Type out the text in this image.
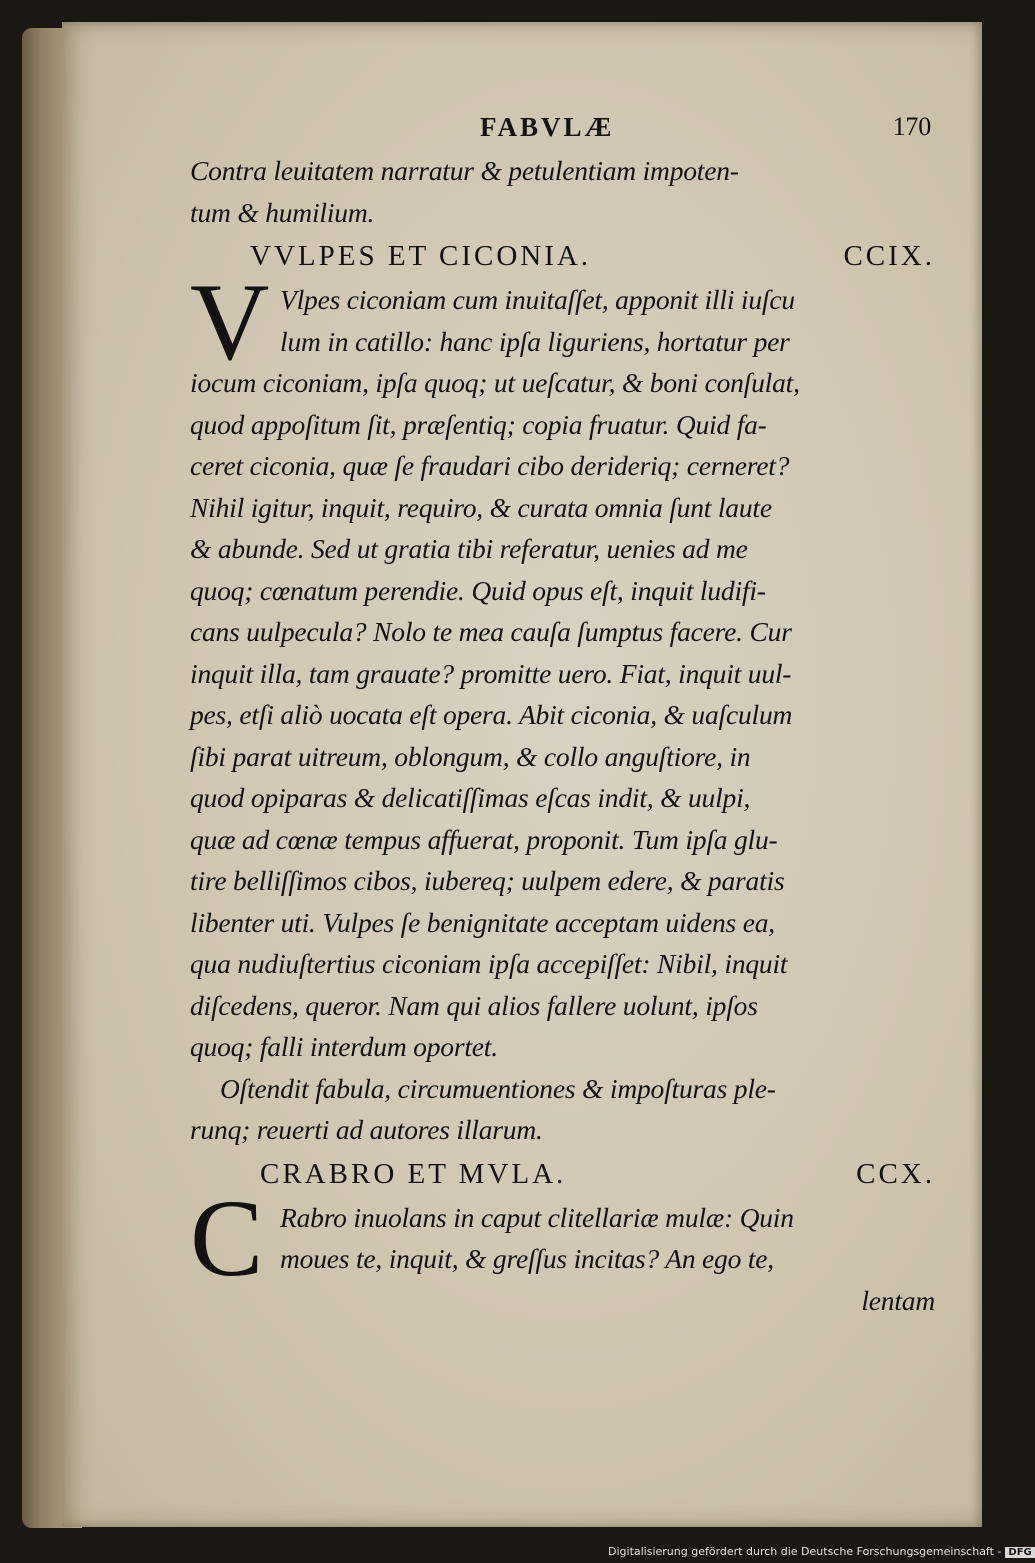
FABVLÆ	170
Contra leuitatem narratur & petulentiam impoten-
tum & humilium.
VVLPES ET CICONIA.	CCIX.
V Vlpes ciconiam cum inuitaſſet, apponit illi iuſcu
lum in catillo: hanc ipſa liguriens, hortatur per
iocum ciconiam, ipſa quoq; ut ueſcatur, & boni conſulat,
quod appoſitum ſit, præſentiq; copia fruatur. Quid fa-
ceret ciconia, quæ ſe fraudari cibo derideriq; cerneret?
Nihil igitur, inquit, requiro, & curata omnia ſunt laute
& abunde. Sed ut gratia tibi referatur, uenies ad me
quoq; cœnatum perendie. Quid opus eſt, inquit ludifi-
cans uulpecula? Nolo te mea cauſa ſumptus facere. Cur
inquit illa, tam grauate? promitte uero. Fiat, inquit uul-
pes, etſi aliò uocata eſt opera. Abit ciconia, & uaſculum
ſibi parat uitreum, oblongum, & collo anguſtiore, in
quod opiparas & delicatiſſimas eſcas indit, & uulpi,
quæ ad cœnæ tempus affuerat, proponit. Tum ipſa glu-
tire belliſſimos cibos, iubereq; uulpem edere, & paratis
libenter uti. Vulpes ſe benignitate acceptam uidens ea,
qua nudiuſtertius ciconiam ipſa accepiſſet: Nibil, inquit
diſcedens, queror. Nam qui alios fallere uolunt, ipſos
quoq; falli interdum oportet.
Oſtendit fabula, circumuentiones & impoſturas ple-
runq; reuerti ad autores illarum.
CRABRO ET MVLA.	CCX.
C Rabro inuolans in caput clitellariæ mulæ: Quin
moues te, inquit, & greſſus incitas? An ego te,
lentam
Digitalisierung gefördert durch die Deutsche Forschungsgemeinschaft - DFG
